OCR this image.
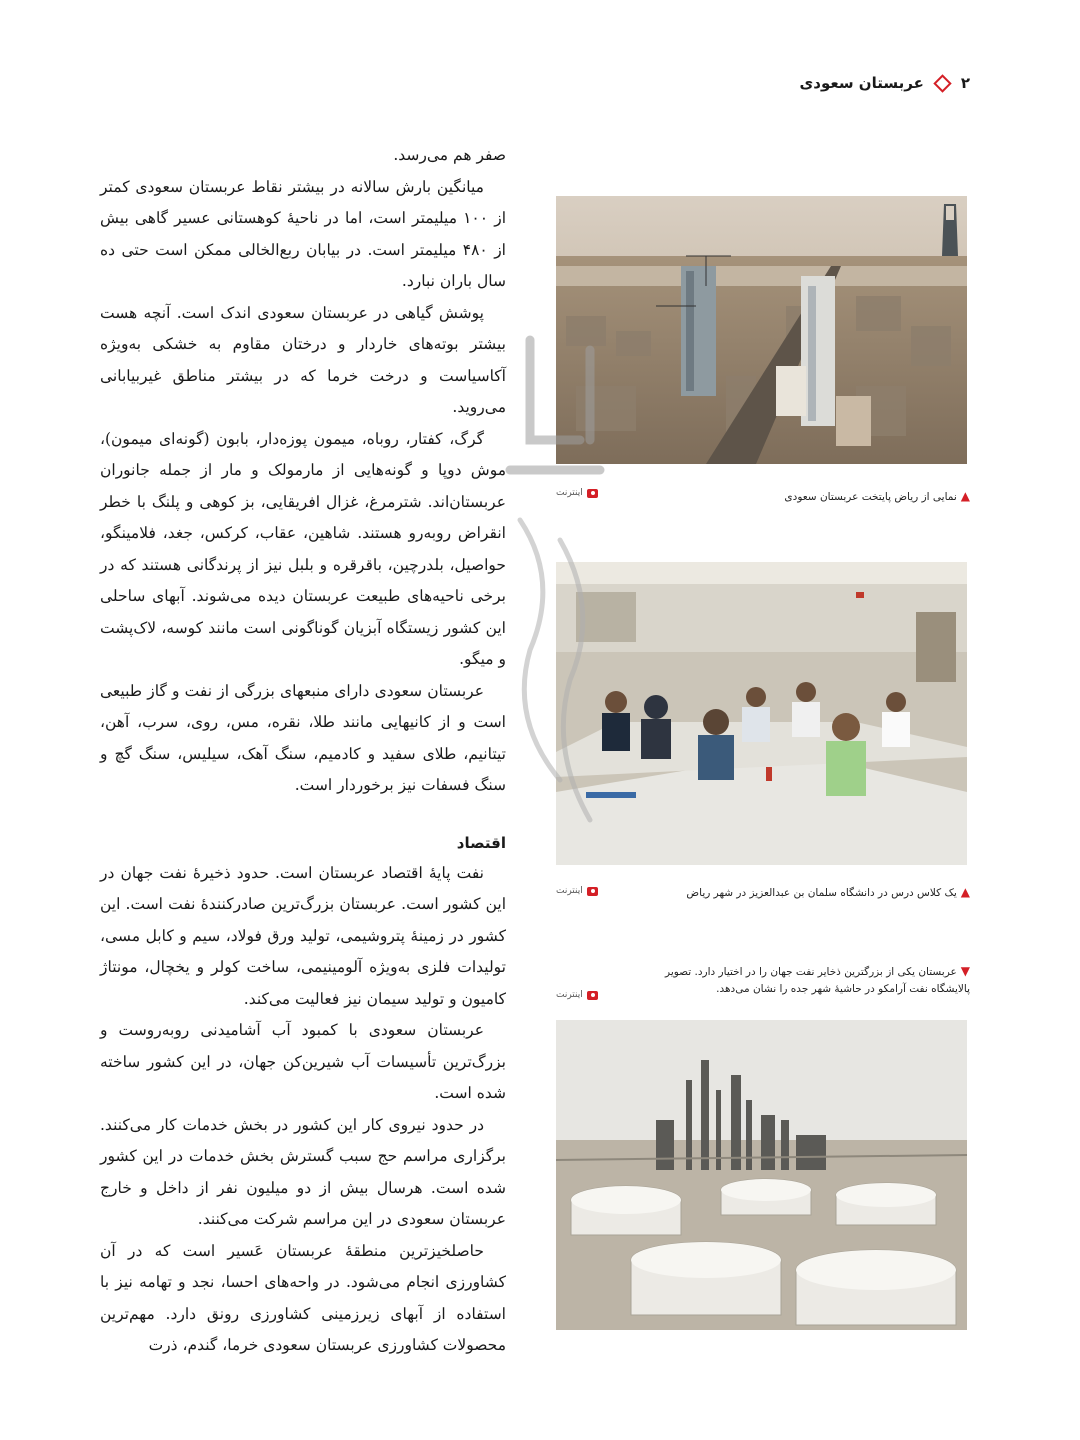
۲
عربستان سعودی

صفر هم می‌رسد.

میانگین بارش سالانه در بیشتر نقاط عربستان سعودی کمتر از ۱۰۰ میلیمتر است، اما در ناحیهٔ کوهستانی عسیر گاهی بیش از ۴۸۰ میلیمتر است. در بیابان ربع‌الخالی ممکن است حتی ده سال باران نبارد.

پوشش گیاهی در عربستان سعودی اندک است. آنچه هست بیشتر بوته‌های خاردار و درختان مقاوم به خشکی به‌ویژه آکاسیاست و درخت خرما که در بیشتر مناطق غیربیابانی می‌روید.

گرگ، کفتار، روباه، میمون پوزه‌دار، بابون (گونه‌ای میمون)، موش دوپا و گونه‌هایی از مارمولک و مار از جمله جانوران عربستان‌اند. شترمرغ، غزال افریقایی، بز کوهی و پلنگ با خطر انقراض روبه‌رو هستند. شاهین، عقاب، کرکس، جغد، فلامینگو، حواصیل، بلدرچین، باقرقره و بلبل نیز از پرندگانی هستند که در برخی ناحیه‌های طبیعت عربستان دیده می‌شوند. آبهای ساحلی این کشور زیستگاه آبزیان گوناگونی است مانند کوسه، لاک‌پشت و میگو.

عربستان سعودی دارای منبعهای بزرگی از نفت و گاز طبیعی است و از کانیهایی مانند طلا، نقره، مس، روی، سرب، آهن، تیتانیم، طلای سفید و کادمیم، سنگ آهک، سیلیس، سنگ گچ و سنگ فسفات نیز برخوردار است.

اقتصاد

نفت پایهٔ اقتصاد عربستان است. حدود ذخیرهٔ نفت جهان در این کشور است. عربستان بزرگ‌ترین صادرکنندهٔ نفت است. این کشور در زمینهٔ پتروشیمی، تولید ورق فولاد، سیم و کابل مسی، تولیدات فلزی به‌ویژه آلومینیمی، ساخت کولر و یخچال، مونتاژ کامیون و تولید سیمان نیز فعالیت می‌کند.

عربستان سعودی با کمبود آب آشامیدنی روبه‌روست و بزرگ‌ترین تأسیسات آب شیرین‌کن جهان، در این کشور ساخته شده است.

در حدود نیروی کار این کشور در بخش خدمات کار می‌کنند. برگزاری مراسم حج سبب گسترش بخش خدمات در این کشور شده است. هرسال بیش از دو میلیون نفر از داخل و خارج عربستان سعودی در این مراسم شرکت می‌کنند.

حاصلخیزترین منطقهٔ عربستان عَسیر است که در آن کشاورزی انجام می‌شود. در واحه‌های احسا، نجد و تهامه نیز با استفاده از آبهای زیرزمینی کشاورزی رونق دارد. مهم‌ترین محصولات کشاورزی عربستان سعودی خرما، گندم، ذرت

▲نمایی از ریاض پایتخت عربستان سعودی
اینترنت
▲یک کلاس درس در دانشگاه سلمان بن عبدالعزیز در شهر ریاض
اینترنت
▼عربستان یکی از بزرگترین ذخایر نفت جهان را در اختیار دارد. تصویر پالایشگاه نفت آرامکو در حاشیهٔ شهر جده را نشان می‌دهد.
اینترنت
